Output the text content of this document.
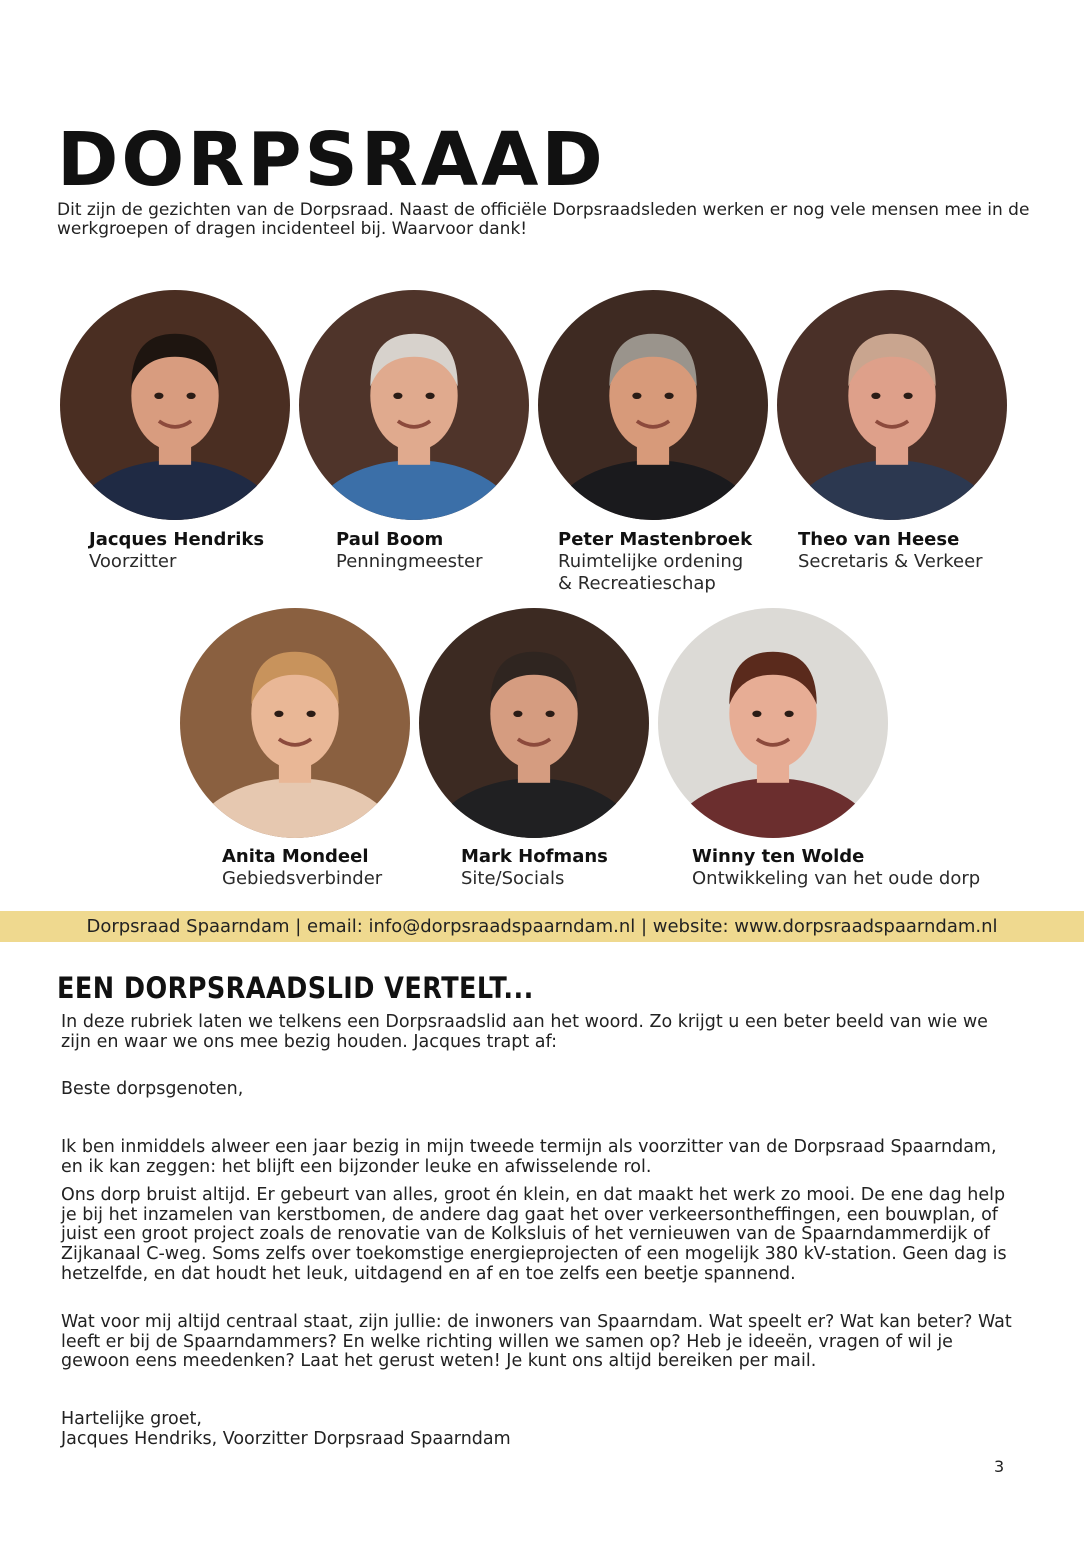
DORPSRAAD

Dit zijn de gezichten van de Dorpsraad. Naast de officiële Dorpsraadsleden werken er nog vele mensen mee in de werkgroepen of dragen incidenteel bij. Waarvoor dank!

Jacques Hendriks
Voorzitter
Paul Boom
Penningmeester
Peter Mastenbroek
Ruimtelijke ordening
& Recreatieschap
Theo van Heese
Secretaris & Verkeer
Anita Mondeel
Gebiedsverbinder
Mark Hofmans
Site/Socials
Winny ten Wolde
Ontwikkeling van het oude dorp
Dorpsraad Spaarndam | email: info@dorpsraadspaarndam.nl | website: www.dorpsraadspaarndam.nl
EEN DORPSRAADSLID VERTELT...

In deze rubriek laten we telkens een Dorpsraadslid aan het woord. Zo krijgt u een beter beeld van wie we zijn en waar we ons mee bezig houden. Jacques trapt af:

Beste dorpsgenoten,

Ik ben inmiddels alweer een jaar bezig in mijn tweede termijn als voorzitter van de Dorpsraad Spaarndam, en ik kan zeggen: het blijft een bijzonder leuke en afwisselende rol.

Ons dorp bruist altijd. Er gebeurt van alles, groot én klein, en dat maakt het werk zo mooi. De ene dag help je bij het inzamelen van kerstbomen, de andere dag gaat het over verkeersontheffingen, een bouwplan, of juist een groot project zoals de renovatie van de Kolksluis of het vernieuwen van de Spaarndammerdijk of Zijkanaal C-weg. Soms zelfs over toekomstige energieprojecten of een mogelijk 380 kV-station. Geen dag is hetzelfde, en dat houdt het leuk, uitdagend en af en toe zelfs een beetje spannend.

Wat voor mij altijd centraal staat, zijn jullie: de inwoners van Spaarndam. Wat speelt er? Wat kan beter? Wat leeft er bij de Spaarndammers? En welke richting willen we samen op? Heb je ideeën, vragen of wil je gewoon eens meedenken? Laat het gerust weten! Je kunt ons altijd bereiken per mail.

Hartelijke groet,

Jacques Hendriks, Voorzitter Dorpsraad Spaarndam

3
